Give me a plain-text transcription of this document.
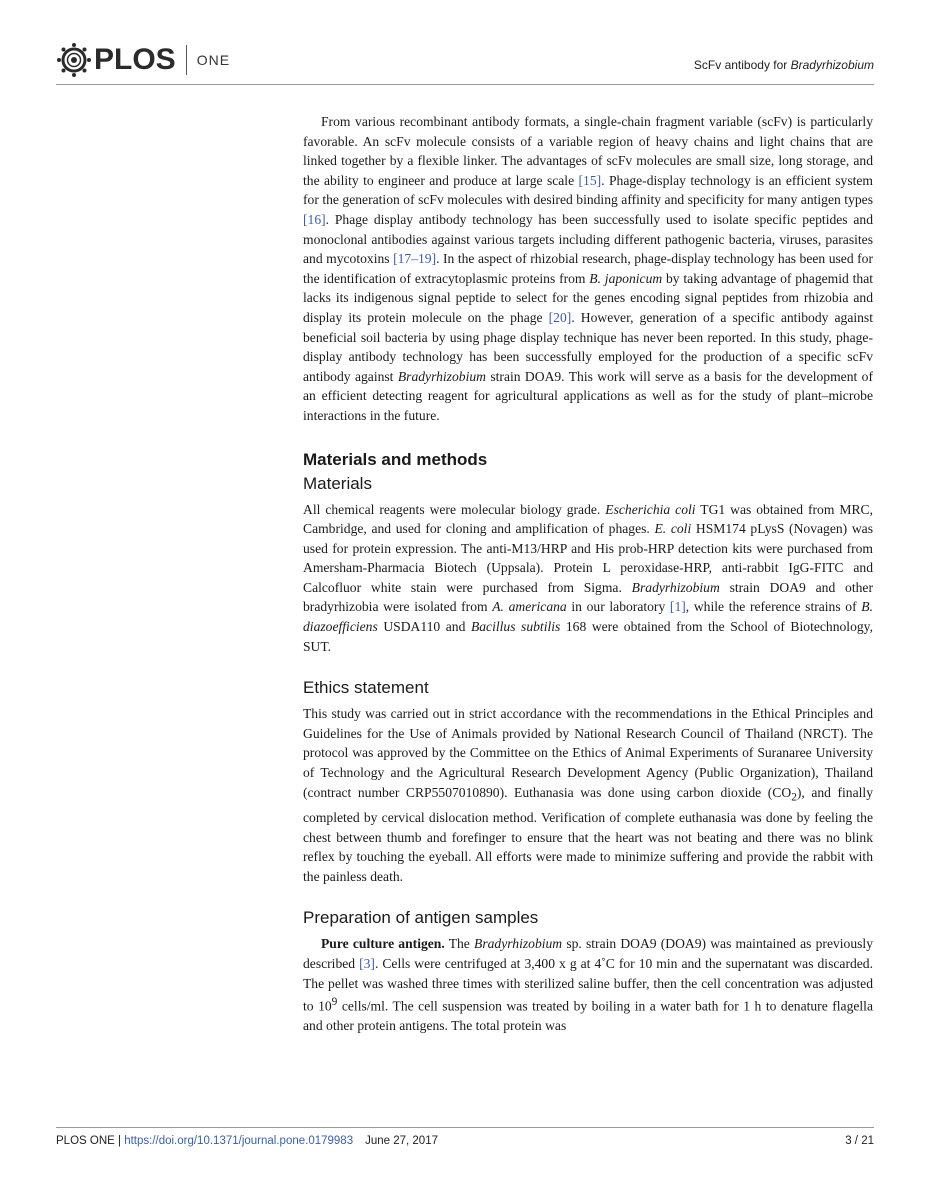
PLOS ONE	ScFv antibody for Bradyrhizobium

From various recombinant antibody formats, a single-chain fragment variable (scFv) is particularly favorable. An scFv molecule consists of a variable region of heavy chains and light chains that are linked together by a flexible linker. The advantages of scFv molecules are small size, long storage, and the ability to engineer and produce at large scale [15]. Phage-display technology is an efficient system for the generation of scFv molecules with desired binding affinity and specificity for many antigen types [16]. Phage display antibody technology has been successfully used to isolate specific peptides and monoclonal antibodies against various targets including different pathogenic bacteria, viruses, parasites and mycotoxins [17–19]. In the aspect of rhizobial research, phage-display technology has been used for the identification of extracytoplasmic proteins from B. japonicum by taking advantage of phagemid that lacks its indigenous signal peptide to select for the genes encoding signal peptides from rhizobia and display its protein molecule on the phage [20]. However, generation of a specific antibody against beneficial soil bacteria by using phage display technique has never been reported. In this study, phage-display antibody technology has been successfully employed for the production of a specific scFv antibody against Bradyrhizobium strain DOA9. This work will serve as a basis for the development of an efficient detecting reagent for agricultural applications as well as for the study of plant–microbe interactions in the future.

Materials and methods
Materials

All chemical reagents were molecular biology grade. Escherichia coli TG1 was obtained from MRC, Cambridge, and used for cloning and amplification of phages. E. coli HSM174 pLysS (Novagen) was used for protein expression. The anti-M13/HRP and His prob-HRP detection kits were purchased from Amersham-Pharmacia Biotech (Uppsala). Protein L peroxidase-HRP, anti-rabbit IgG-FITC and Calcofluor white stain were purchased from Sigma. Bradyrhizobium strain DOA9 and other bradyrhizobia were isolated from A. americana in our laboratory [1], while the reference strains of B. diazoefficiens USDA110 and Bacillus subtilis 168 were obtained from the School of Biotechnology, SUT.

Ethics statement

This study was carried out in strict accordance with the recommendations in the Ethical Principles and Guidelines for the Use of Animals provided by National Research Council of Thailand (NRCT). The protocol was approved by the Committee on the Ethics of Animal Experiments of Suranaree University of Technology and the Agricultural Research Development Agency (Public Organization), Thailand (contract number CRP5507010890). Euthanasia was done using carbon dioxide $(CO_2)$, and finally completed by cervical dislocation method. Verification of complete euthanasia was done by feeling the chest between thumb and forefinger to ensure that the heart was not beating and there was no blink reflex by touching the eyeball. All efforts were made to minimize suffering and provide the rabbit with the painless death.

Preparation of antigen samples

Pure culture antigen. The Bradyrhizobium sp. strain DOA9 (DOA9) was maintained as previously described [3]. Cells were centrifuged at 3,400 x g at 4˚C for 10 min and the supernatant was discarded. The pellet was washed three times with sterilized saline buffer, then the cell concentration was adjusted to $10^9$ cells/ml. The cell suspension was treated by boiling in a water bath for 1 h to denature flagella and other protein antigens. The total protein was

PLOS ONE | https://doi.org/10.1371/journal.pone.0179983 June 27, 2017	3 / 21
